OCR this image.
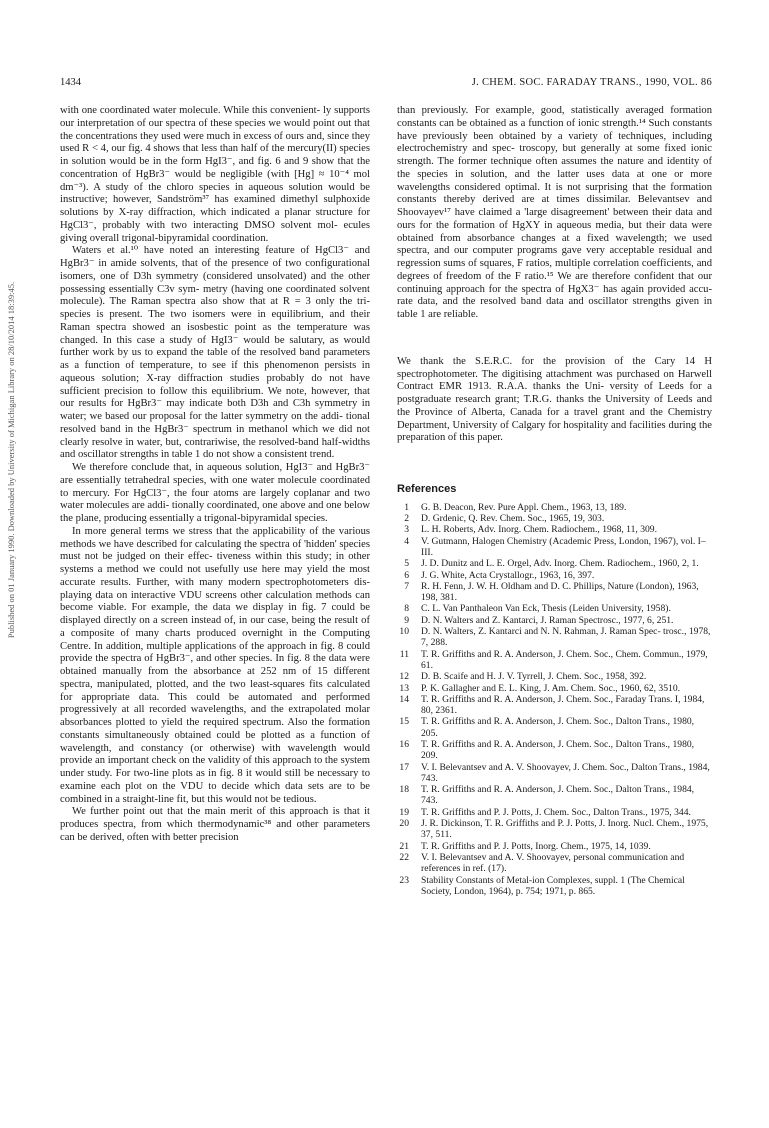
1434	J. CHEM. SOC. FARADAY TRANS., 1990, VOL. 86
Published on 01 January 1990. Downloaded by University of Michigan Library on 28/10/2014 18:39:45.

with one coordinated water molecule. While this convenient- ly supports our interpretation of our spectra of these species we would point out that the concentrations they used were much in excess of ours and, since they used R < 4, our fig. 4 shows that less than half of the mercury(II) species in solution would be in the form HgI3⁻, and fig. 6 and 9 show that the concentration of HgBr3⁻ would be negligible (with [Hg] ≈ 10⁻⁴ mol dm⁻³). A study of the chloro species in aqueous solution would be instructive; however, Sandström³⁷ has examined dimethyl sulphoxide solutions by X-ray diffraction, which indicated a planar structure for HgCl3⁻, probably with two interacting DMSO solvent mol- ecules giving overall trigonal-bipyramidal coordination.

Waters et al.¹⁰ have noted an interesting feature of HgCl3⁻ and HgBr3⁻ in amide solvents, that of the presence of two configurational isomers, one of D3h symmetry (considered unsolvated) and the other possessing essentially C3v sym- metry (having one coordinated solvent molecule). The Raman spectra also show that at R = 3 only the tri-species is present. The two isomers were in equilibrium, and their Raman spectra showed an isosbestic point as the temperature was changed. In this case a study of HgI3⁻ would be salutary, as would further work by us to expand the table of the resolved band parameters as a function of temperature, to see if this phenomenon persists in aqueous solution; X-ray diffraction studies probably do not have sufficient precision to follow this equilibrium. We note, however, that our results for HgBr3⁻ may indicate both D3h and C3h symmetry in water; we based our proposal for the latter symmetry on the addi- tional resolved band in the HgBr3⁻ spectrum in methanol which we did not clearly resolve in water, but, contrariwise, the resolved-band half-widths and oscillator strengths in table 1 do not show a consistent trend.

We therefore conclude that, in aqueous solution, HgI3⁻ and HgBr3⁻ are essentially tetrahedral species, with one water molecule coordinated to mercury. For HgCl3⁻, the four atoms are largely coplanar and two water molecules are addi- tionally coordinated, one above and one below the plane, producing essentially a trigonal-bipyramidal species.

In more general terms we stress that the applicability of the various methods we have described for calculating the spectra of 'hidden' species must not be judged on their effec- tiveness within this study; in other systems a method we could not usefully use here may yield the most accurate results. Further, with many modern spectrophotometers dis- playing data on interactive VDU screens other calculation methods can become viable. For example, the data we display in fig. 7 could be displayed directly on a screen instead of, in our case, being the result of a composite of many charts produced overnight in the Computing Centre. In addition, multiple applications of the approach in fig. 8 could provide the spectra of HgBr3⁻, and other species. In fig. 8 the data were obtained manually from the absorbance at 252 nm of 15 different spectra, manipulated, plotted, and the two least-squares fits calculated for appropriate data. This could be automated and performed progressively at all recorded wavelengths, and the extrapolated molar absorbances plotted to yield the required spectrum. Also the formation constants simultaneously obtained could be plotted as a function of wavelength, and constancy (or otherwise) with wavelength would provide an important check on the validity of this approach to the system under study. For two-line plots as in fig. 8 it would still be necessary to examine each plot on the VDU to decide which data sets are to be combined in a straight-line fit, but this would not be tedious.

We further point out that the main merit of this approach is that it produces spectra, from which thermodynamic³⁸ and other parameters can be derived, often with better precision

than previously. For example, good, statistically averaged formation constants can be obtained as a function of ionic strength.¹⁴ Such constants have previously been obtained by a variety of techniques, including electrochemistry and spec- troscopy, but generally at some fixed ionic strength. The former technique often assumes the nature and identity of the species in solution, and the latter uses data at one or more wavelengths considered optimal. It is not surprising that the formation constants thereby derived are at times dissimilar. Belevantsev and Shoovayev¹⁷ have claimed a 'large disagreement' between their data and ours for the formation of HgXY in aqueous media, but their data were obtained from absorbance changes at a fixed wavelength; we used spectra, and our computer programs gave very acceptable residual and regression sums of squares, F ratios, multiple correlation coefficients, and degrees of freedom of the F ratio.¹⁵ We are therefore confident that our continuing approach for the spectra of HgX3⁻ has again provided accu- rate data, and the resolved band data and oscillator strengths given in table 1 are reliable.

We thank the S.E.R.C. for the provision of the Cary 14 H spectrophotometer. The digitising attachment was purchased on Harwell Contract EMR 1913. R.A.A. thanks the Uni- versity of Leeds for a postgraduate research grant; T.R.G. thanks the University of Leeds and the Province of Alberta, Canada for a travel grant and the Chemistry Department, University of Calgary for hospitality and facilities during the preparation of this paper.

References
1 G. B. Deacon, Rev. Pure Appl. Chem., 1963, 13, 189.
2 D. Grdenic, Q. Rev. Chem. Soc., 1965, 19, 303.
3 L. H. Roberts, Adv. Inorg. Chem. Radiochem., 1968, 11, 309.
4 V. Gutmann, Halogen Chemistry (Academic Press, London, 1967), vol. I–III.
5 J. D. Dunitz and L. E. Orgel, Adv. Inorg. Chem. Radiochem., 1960, 2, 1.
6 J. G. White, Acta Crystallogr., 1963, 16, 397.
7 R. H. Fenn, J. W. H. Oldham and D. C. Phillips, Nature (London), 1963, 198, 381.
8 C. L. Van Panthaleon Van Eck, Thesis (Leiden University, 1958).
9 D. N. Walters and Z. Kantarci, J. Raman Spectrosc., 1977, 6, 251.
10 D. N. Walters, Z. Kantarci and N. N. Rahman, J. Raman Spec- trosc., 1978, 7, 288.
11 T. R. Griffiths and R. A. Anderson, J. Chem. Soc., Chem. Commun., 1979, 61.
12 D. B. Scaife and H. J. V. Tyrrell, J. Chem. Soc., 1958, 392.
13 P. K. Gallagher and E. L. King, J. Am. Chem. Soc., 1960, 62, 3510.
14 T. R. Griffiths and R. A. Anderson, J. Chem. Soc., Faraday Trans. I, 1984, 80, 2361.
15 T. R. Griffiths and R. A. Anderson, J. Chem. Soc., Dalton Trans., 1980, 205.
16 T. R. Griffiths and R. A. Anderson, J. Chem. Soc., Dalton Trans., 1980, 209.
17 V. I. Belevantsev and A. V. Shoovayev, J. Chem. Soc., Dalton Trans., 1984, 743.
18 T. R. Griffiths and R. A. Anderson, J. Chem. Soc., Dalton Trans., 1984, 743.
19 T. R. Griffiths and P. J. Potts, J. Chem. Soc., Dalton Trans., 1975, 344.
20 J. R. Dickinson, T. R. Griffiths and P. J. Potts, J. Inorg. Nucl. Chem., 1975, 37, 511.
21 T. R. Griffiths and P. J. Potts, Inorg. Chem., 1975, 14, 1039.
22 V. I. Belevantsev and A. V. Shoovayev, personal communication and references in ref. (17).
23 Stability Constants of Metal-ion Complexes, suppl. 1 (The Chemical Society, London, 1964), p. 754; 1971, p. 865.
